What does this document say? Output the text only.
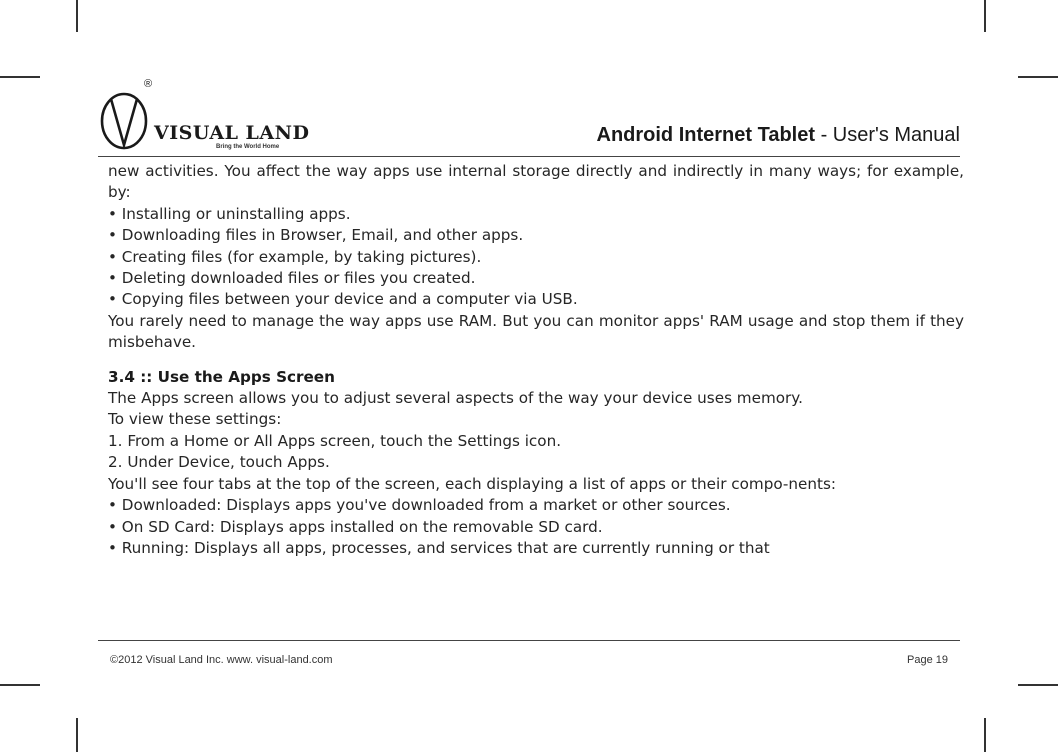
®
VISUAL LAND
Bring the World Home
Android Internet Tablet - User's Manual

new activities. You affect the way apps use internal storage directly and indirectly in many ways; for example, by:

• Installing or uninstalling apps.

• Downloading files in Browser, Email, and other apps.

• Creating files (for example, by taking pictures).

• Deleting downloaded files or files you created.

• Copying files between your device and a computer via USB.

You rarely need to manage the way apps use RAM. But you can monitor apps' RAM usage and stop them if they misbehave.

3.4 :: Use the Apps Screen

The Apps screen allows you to adjust several aspects of the way your device uses memory.

To view these settings:

1. From a Home or All Apps screen, touch the Settings icon.

2. Under Device, touch Apps.

You'll see four tabs at the top of the screen, each displaying a list of apps or their compo-nents:

• Downloaded: Displays apps you've downloaded from a market or other sources.

• On SD Card: Displays apps installed on the removable SD card.

• Running: Displays all apps, processes, and services that are currently running or that

©2012 Visual Land Inc. www. visual-land.com	Page 19
